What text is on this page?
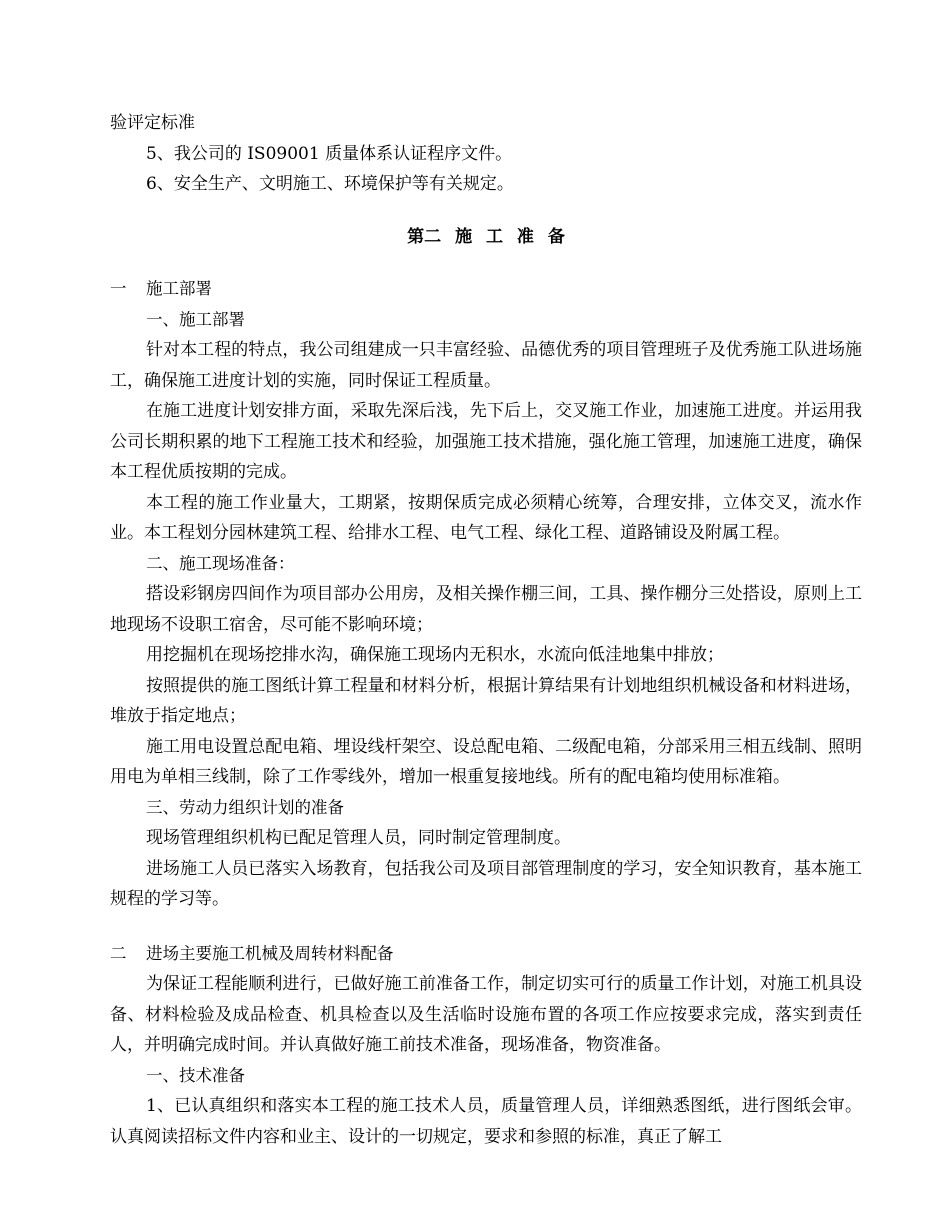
验评定标准

5、我公司的 IS09001 质量体系认证程序文件。

6、安全生产、文明施工、环境保护等有关规定。

第二 施 工 准 备

一 施工部署

一、施工部署

针对本工程的特点，我公司组建成一只丰富经验、品德优秀的项目管理班子及优秀施工队进场施工，确保施工进度计划的实施，同时保证工程质量。

在施工进度计划安排方面，采取先深后浅，先下后上，交叉施工作业，加速施工进度。并运用我公司长期积累的地下工程施工技术和经验，加强施工技术措施，强化施工管理，加速施工进度，确保本工程优质按期的完成。

本工程的施工作业量大，工期紧，按期保质完成必须精心统筹，合理安排，立体交叉，流水作业。本工程划分园林建筑工程、给排水工程、电气工程、绿化工程、道路铺设及附属工程。

二、施工现场准备：

搭设彩钢房四间作为项目部办公用房，及相关操作棚三间，工具、操作棚分三处搭设，原则上工地现场不设职工宿舍，尽可能不影响环境；

用挖掘机在现场挖排水沟，确保施工现场内无积水，水流向低洼地集中排放；

按照提供的施工图纸计算工程量和材料分析，根据计算结果有计划地组织机械设备和材料进场，堆放于指定地点；

施工用电设置总配电箱、埋设线杆架空、设总配电箱、二级配电箱，分部采用三相五线制、照明用电为单相三线制，除了工作零线外，增加一根重复接地线。所有的配电箱均使用标准箱。

三、劳动力组织计划的准备

现场管理组织机构已配足管理人员，同时制定管理制度。

进场施工人员已落实入场教育，包括我公司及项目部管理制度的学习，安全知识教育，基本施工规程的学习等。

二 进场主要施工机械及周转材料配备

为保证工程能顺利进行，已做好施工前准备工作，制定切实可行的质量工作计划，对施工机具设备、材料检验及成品检查、机具检查以及生活临时设施布置的各项工作应按要求完成，落实到责任人，并明确完成时间。并认真做好施工前技术准备，现场准备，物资准备。

一、技术准备

1、已认真组织和落实本工程的施工技术人员，质量管理人员，详细熟悉图纸，进行图纸会审。认真阅读招标文件内容和业主、设计的一切规定，要求和参照的标准，真正了解工
